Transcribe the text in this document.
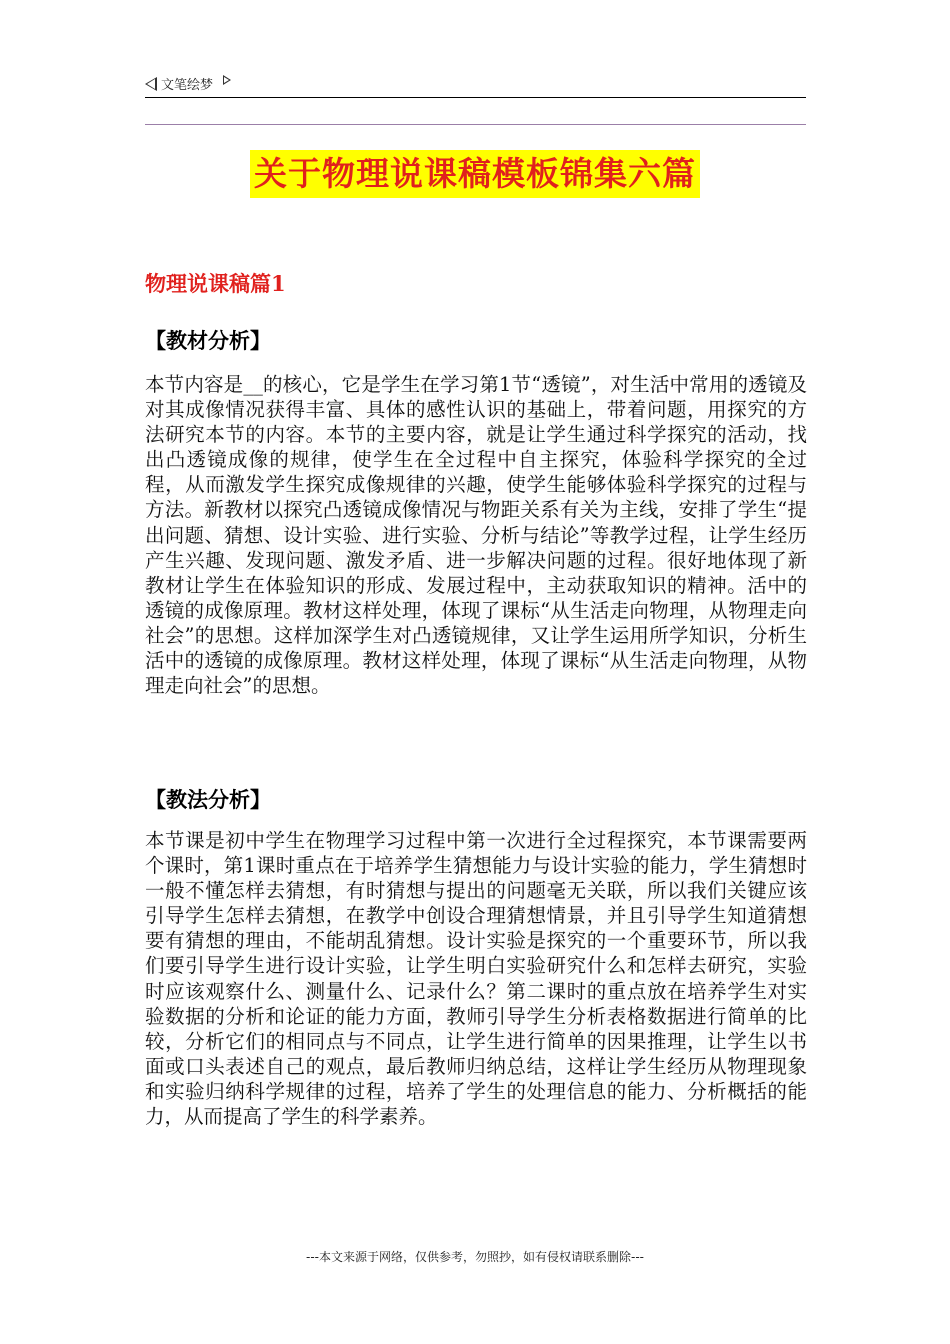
文笔绘梦
关于物理说课稿模板锦集六篇
物理说课稿篇1
【教材分析】
本节内容是__的核心，它是学生在学习第1节“透镜”，对生活中常用的透镜及对其成像情况获得丰富、具体的感性认识的基础上，带着问题，用探究的方法研究本节的内容。本节的主要内容，就是让学生通过科学探究的活动，找出凸透镜成像的规律，使学生在全过程中自主探究，体验科学探究的全过程，从而激发学生探究成像规律的兴趣，使学生能够体验科学探究的过程与方法。新教材以探究凸透镜成像情况与物距关系有关为主线，安排了学生“提出问题、猜想、设计实验、进行实验、分析与结论”等教学过程，让学生经历产生兴趣、发现问题、激发矛盾、进一步解决问题的过程。很好地体现了新教材让学生在体验知识的形成、发展过程中，主动获取知识的精神。活中的透镜的成像原理。教材这样处理，体现了课标“从生活走向物理，从物理走向社会”的思想。这样加深学生对凸透镜规律，又让学生运用所学知识，分析生活中的透镜的成像原理。教材这样处理，体现了课标“从生活走向物理，从物理走向社会”的思想。
【教法分析】
本节课是初中学生在物理学习过程中第一次进行全过程探究，本节课需要两个课时，第1课时重点在于培养学生猜想能力与设计实验的能力，学生猜想时一般不懂怎样去猜想，有时猜想与提出的问题毫无关联，所以我们关键应该引导学生怎样去猜想，在教学中创设合理猜想情景，并且引导学生知道猜想要有猜想的理由，不能胡乱猜想。设计实验是探究的一个重要环节，所以我们要引导学生进行设计实验，让学生明白实验研究什么和怎样去研究，实验时应该观察什么、测量什么、记录什么？第二课时的重点放在培养学生对实验数据的分析和论证的能力方面，教师引导学生分析表格数据进行简单的比较，分析它们的相同点与不同点，让学生进行简单的因果推理，让学生以书面或口头表述自己的观点，最后教师归纳总结，这样让学生经历从物理现象和实验归纳科学规律的过程，培养了学生的处理信息的能力、分析概括的能力，从而提高了学生的科学素养。
---本文来源于网络，仅供参考，勿照抄，如有侵权请联系删除---
